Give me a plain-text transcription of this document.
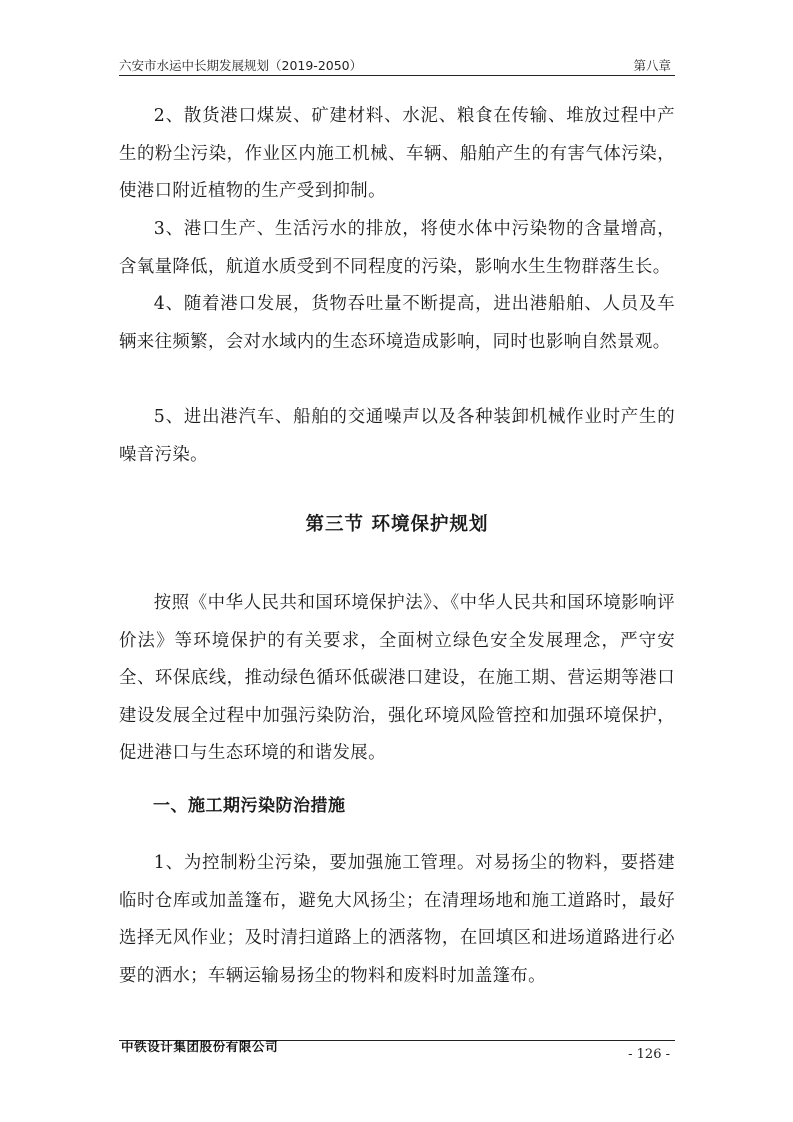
六安市水运中长期发展规划（2019-2050）	第八章

2、散货港口煤炭、矿建材料、水泥、粮食在传输、堆放过程中产生的粉尘污染，作业区内施工机械、车辆、船舶产生的有害气体污染，使港口附近植物的生产受到抑制。

3、港口生产、生活污水的排放，将使水体中污染物的含量增高，含氧量降低，航道水质受到不同程度的污染，影响水生生物群落生长。

4、随着港口发展，货物吞吐量不断提高，进出港船舶、人员及车辆来往频繁，会对水域内的生态环境造成影响，同时也影响自然景观。

5、进出港汽车、船舶的交通噪声以及各种装卸机械作业时产生的噪音污染。

第三节 环境保护规划

按照《中华人民共和国环境保护法》、《中华人民共和国环境影响评价法》等环境保护的有关要求，全面树立绿色安全发展理念，严守安全、环保底线，推动绿色循环低碳港口建设，在施工期、营运期等港口建设发展全过程中加强污染防治，强化环境风险管控和加强环境保护，促进港口与生态环境的和谐发展。

一、施工期污染防治措施

1、为控制粉尘污染，要加强施工管理。对易扬尘的物料，要搭建临时仓库或加盖篷布，避免大风扬尘；在清理场地和施工道路时，最好选择无风作业；及时清扫道路上的洒落物，在回填区和进场道路进行必要的洒水；车辆运输易扬尘的物料和废料时加盖篷布。

中铁设计集团股份有限公司
- 126 -
